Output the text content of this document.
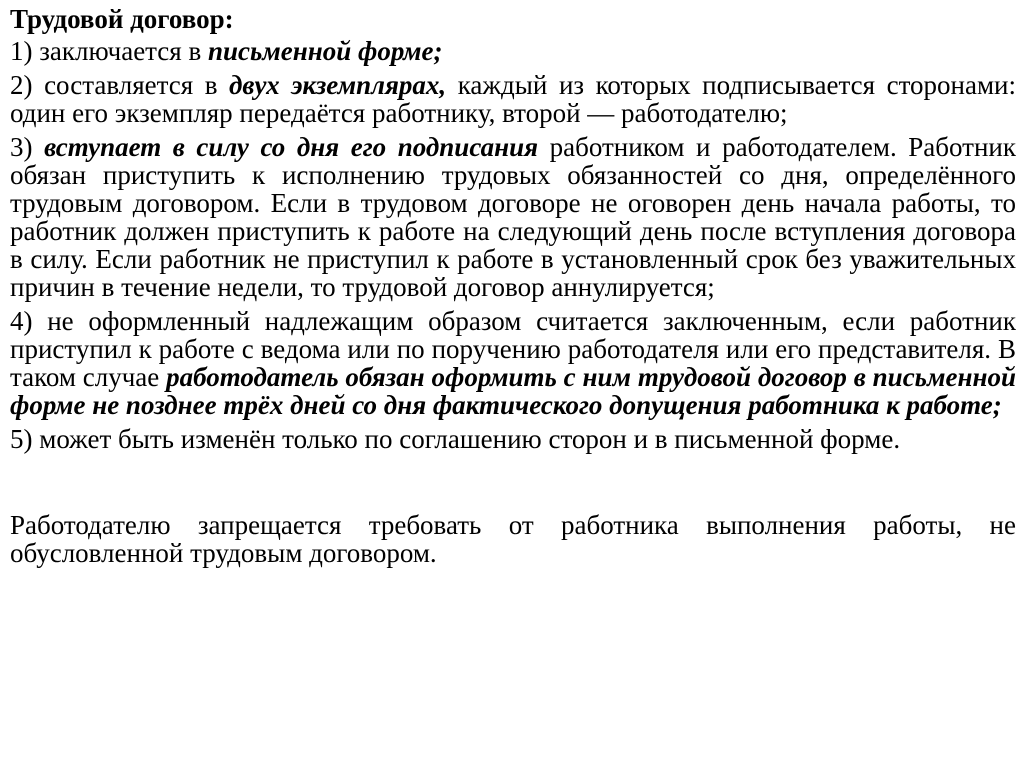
Трудовой договор:
1) заключается в письменной форме;
2) составляется в двух экземплярах, каждый из которых подписывается сторонами: один его экземпляр передаётся работнику, второй — работодателю;
3) вступает в силу со дня его подписания работником и работодателем. Работник обязан приступить к исполнению трудовых обязанностей со дня, определённого трудовым договором. Если в трудовом договоре не оговорен день начала работы, то работник должен приступить к работе на следующий день после вступления договора в силу. Если работник не приступил к работе в установленный срок без уважительных причин в течение недели, то трудовой договор аннулируется;
4) не оформленный надлежащим образом считается заключенным, если работник приступил к работе с ведома или по поручению работодателя или его представителя. В таком случае работодатель обязан оформить с ним трудовой договор в письменной форме не позднее трёх дней со дня фактического допущения работника к работе;
5) может быть изменён только по соглашению сторон и в письменной форме.
Работодателю запрещается требовать от работника выполнения работы, не обусловленной трудовым договором.
